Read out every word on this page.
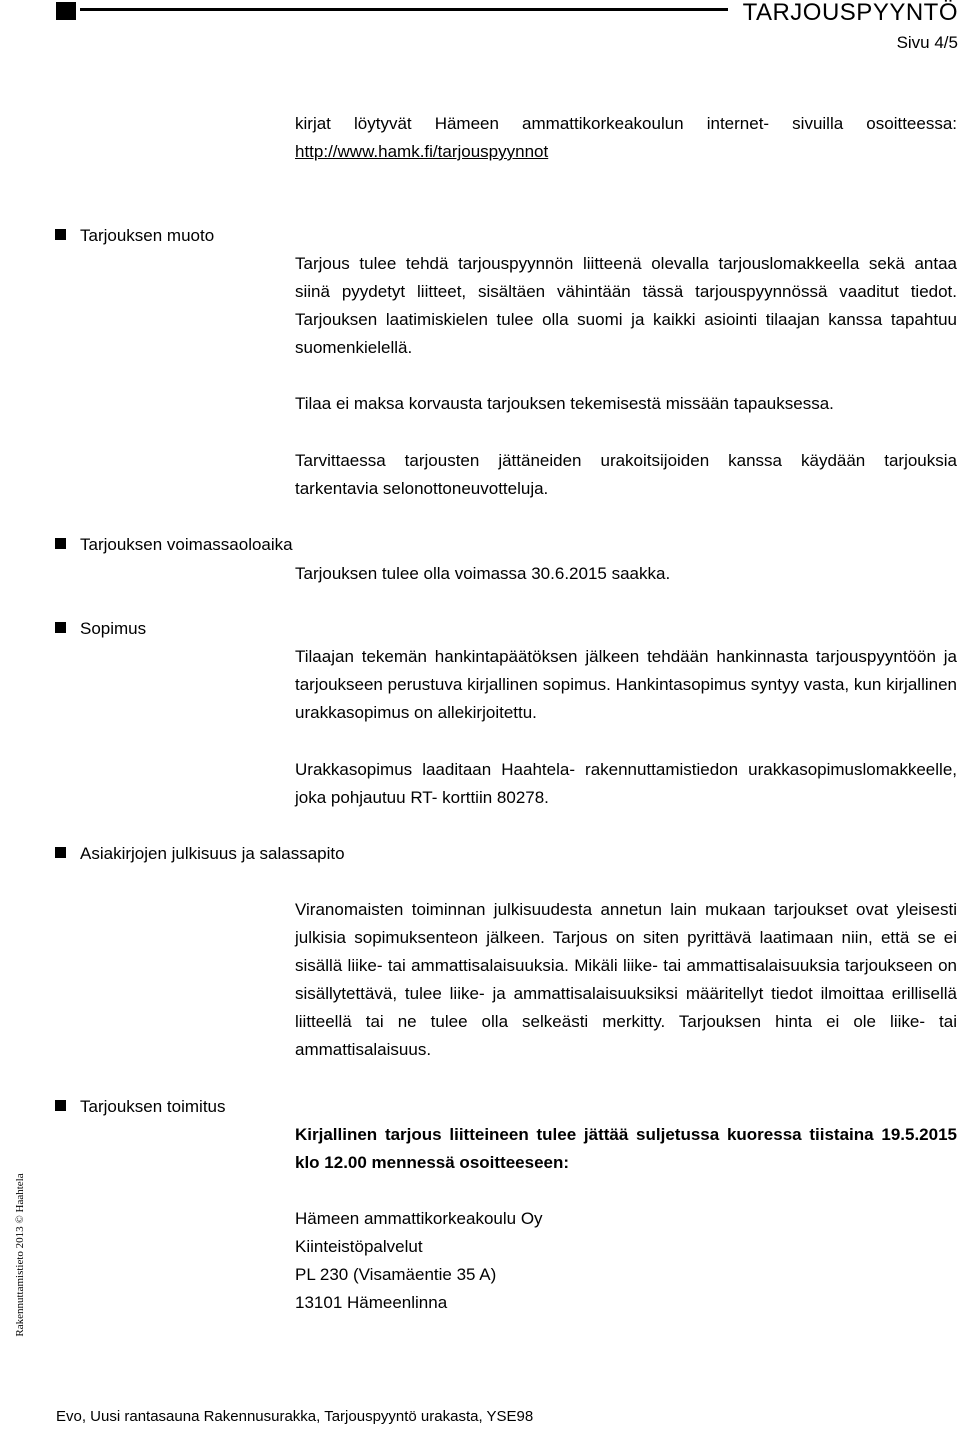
TARJOUSPYYNTÖ
Sivu 4/5

kirjat löytyvät Hämeen ammattikorkeakoulun internet- sivuilla osoitteessa: http://www.hamk.fi/tarjouspyynnot

Tarjouksen muoto

Tarjous tulee tehdä tarjouspyynnön liitteenä olevalla tarjouslomakkeella sekä antaa siinä pyydetyt liitteet, sisältäen vähintään tässä tarjouspyynnössä vaaditut tiedot. Tarjouksen laatimiskielen tulee olla suomi ja kaikki asiointi tilaajan kanssa tapahtuu suomenkielellä.

Tilaa ei maksa korvausta tarjouksen tekemisestä missään tapauksessa.

Tarvittaessa tarjousten jättäneiden urakoitsijoiden kanssa käydään tarjouksia tarkentavia selonottoneuvotteluja.

Tarjouksen voimassaoloaika

Tarjouksen tulee olla voimassa 30.6.2015 saakka.

Sopimus

Tilaajan tekemän hankintapäätöksen jälkeen tehdään hankinnasta tarjouspyyntöön ja tarjoukseen perustuva kirjallinen sopimus. Hankintasopimus syntyy vasta, kun kirjallinen urakkasopimus on allekirjoitettu.

Urakkasopimus laaditaan Haahtela- rakennuttamistiedon urakkasopimuslomakkeelle, joka pohjautuu RT- korttiin 80278.

Asiakirjojen julkisuus ja salassapito

Viranomaisten toiminnan julkisuudesta annetun lain mukaan tarjoukset ovat yleisesti julkisia sopimuksenteon jälkeen. Tarjous on siten pyrittävä laatimaan niin, että se ei sisällä liike- tai ammattisalaisuuksia. Mikäli liike- tai ammattisalaisuuksia tarjoukseen on sisällytettävä, tulee liike- ja ammattisalaisuuksiksi määritellyt tiedot ilmoittaa erillisellä liitteellä tai ne tulee olla selkeästi merkitty. Tarjouksen hinta ei ole liike- tai ammattisalaisuus.

Tarjouksen toimitus

Kirjallinen tarjous liitteineen tulee jättää suljetussa kuoressa tiistaina 19.5.2015 klo 12.00 mennessä osoitteeseen:

Hämeen ammattikorkeakoulu Oy
Kiinteistöpalvelut
PL 230 (Visamäentie 35 A)
13101 Hämeenlinna

Rakennuttamistieto 2013 © Haahtela
Evo, Uusi rantasauna Rakennusurakka, Tarjouspyyntö urakasta, YSE98
